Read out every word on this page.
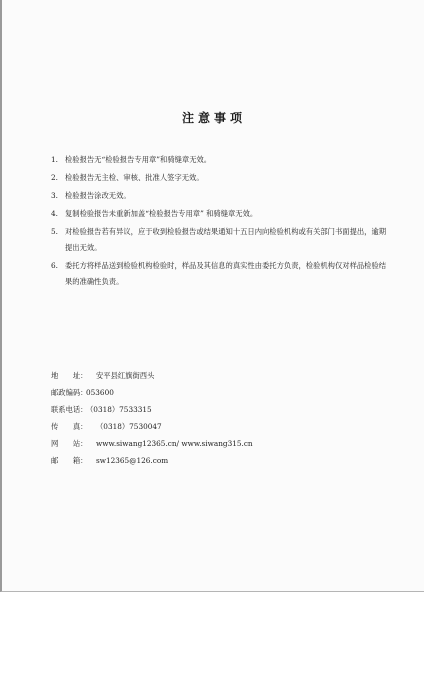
注意事项
1. 检验报告无“检验报告专用章”和骑缝章无效。
2. 检验报告无主检、审核、批准人签字无效。
3. 检验报告涂改无效。
4. 复制检验报告未重新加盖“检验报告专用章” 和骑缝章无效。
5. 对检验报告若有异议，应于收到检验报告或结果通知十五日内向检验机构或有关部门书面提出，逾期提出无效。
6. 委托方将样品送到检验机构检验时，样品及其信息的真实性由委托方负责，检验机构仅对样品检验结果的准确性负责。
地　　址：	安平县红旗街西头
邮政编码：
053600
联系电话：
（0318）7533315
传　　真：	（0318）7530047
网　　站：	www.siwang12365.cn/ www.siwang315.cn
邮　　箱：	sw12365@126.com
